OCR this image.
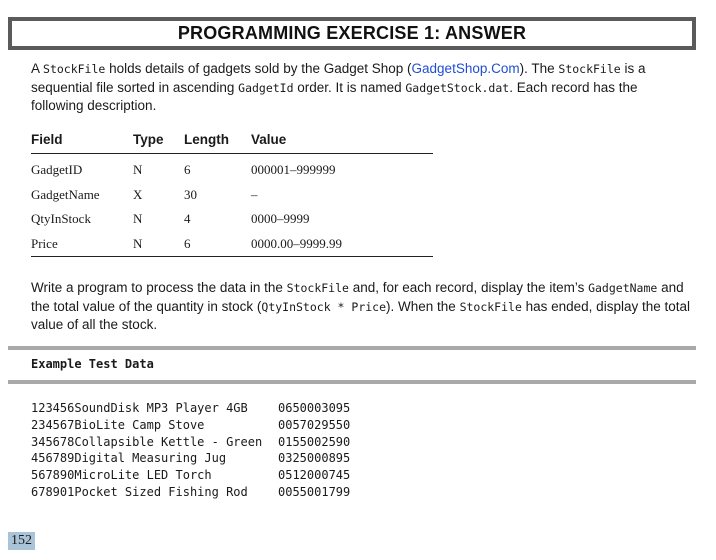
PROGRAMMING EXERCISE 1: ANSWER

A StockFile holds details of gadgets sold by the Gadget Shop (GadgetShop.Com). The StockFile is a sequential file sorted in ascending GadgetId order. It is named GadgetStock.dat. Each record has the following description.

Field	Type	Length	Value
GadgetID	N	6	000001–999999
GadgetName	X	30	–
QtyInStock	N	4	0000–9999
Price	N	6	0000.00–9999.99

Write a program to process the data in the StockFile and, for each record, display the item’s GadgetName and the total value of the quantity in stock (QtyInStock * Price). When the StockFile has ended, display the total value of all the stock.

Example Test Data
123456SoundDisk MP3 Player 4GB	0650003095
234567BioLite Camp Stove	0057029550
345678Collapsible Kettle - Green	0155002590
456789Digital Measuring Jug	0325000895
567890MicroLite LED Torch	0512000745
678901Pocket Sized Fishing Rod	0055001799
152
